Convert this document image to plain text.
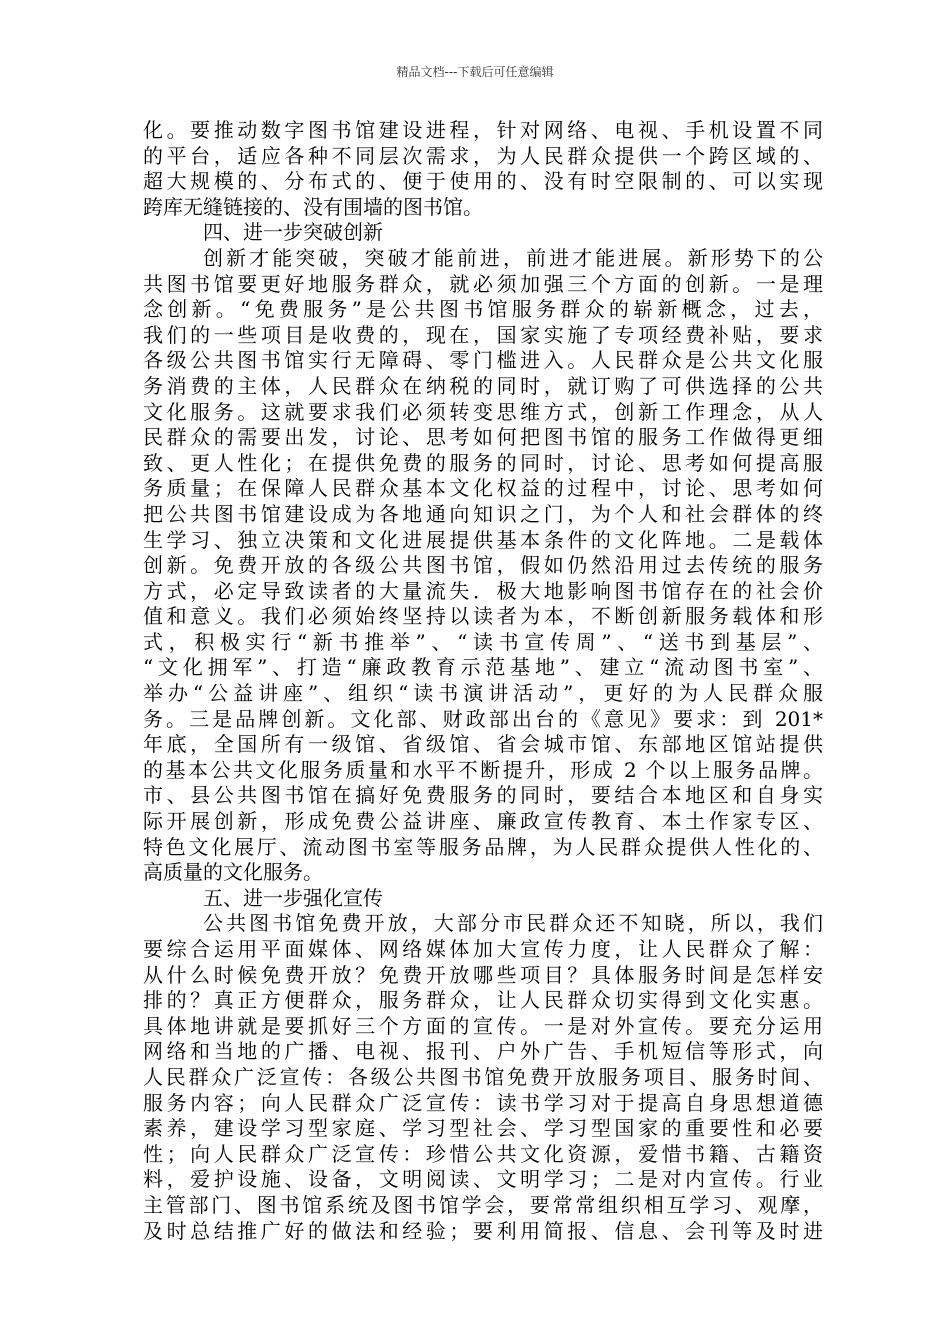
精品文档---下载后可任意编辑
化。要推动数字图书馆建设进程，针对网络、电视、手机设置不同
的平台，适应各种不同层次需求，为人民群众提供一个跨区域的、
超大规模的、分布式的、便于使用的、没有时空限制的、可以实现
跨库无缝链接的、没有围墙的图书馆。
四、进一步突破创新
创新才能突破，突破才能前进，前进才能进展。新形势下的公
共图书馆要更好地服务群众，就必须加强三个方面的创新。一是理
念创新。“免费服务”是公共图书馆服务群众的崭新概念，过去，
我们的一些项目是收费的，现在，国家实施了专项经费补贴，要求
各级公共图书馆实行无障碍、零门槛进入。人民群众是公共文化服
务消费的主体，人民群众在纳税的同时，就订购了可供选择的公共
文化服务。这就要求我们必须转变思维方式，创新工作理念，从人
民群众的需要出发，讨论、思考如何把图书馆的服务工作做得更细
致、更人性化；在提供免费的服务的同时，讨论、思考如何提高服
务质量；在保障人民群众基本文化权益的过程中，讨论、思考如何
把公共图书馆建设成为各地通向知识之门，为个人和社会群体的终
生学习、独立决策和文化进展提供基本条件的文化阵地。二是载体
创新。免费开放的各级公共图书馆，假如仍然沿用过去传统的服务
方式，必定导致读者的大量流失．极大地影响图书馆存在的社会价
值和意义。我们必须始终坚持以读者为本，不断创新服务载体和形
式，积极实行“新书推举”、“读书宣传周”、“送书到基层”、
“文化拥军”、打造“廉政教育示范基地”、建立“流动图书室”、
举办“公益讲座”、组织“读书演讲活动”，更好的为人民群众服
务。三是品牌创新。文化部、财政部出台的《意见》要求：到 201*
年底，全国所有一级馆、省级馆、省会城市馆、东部地区馆站提供
的基本公共文化服务质量和水平不断提升，形成 2 个以上服务品牌。
市、县公共图书馆在搞好免费服务的同时，要结合本地区和自身实
际开展创新，形成免费公益讲座、廉政宣传教育、本土作家专区、
特色文化展厅、流动图书室等服务品牌，为人民群众提供人性化的、
高质量的文化服务。
五、进一步强化宣传
公共图书馆免费开放，大部分市民群众还不知晓，所以，我们
要综合运用平面媒体、网络媒体加大宣传力度，让人民群众了解：
从什么时候免费开放？免费开放哪些项目？具体服务时间是怎样安
排的？真正方便群众，服务群众，让人民群众切实得到文化实惠。
具体地讲就是要抓好三个方面的宣传。一是对外宣传。要充分运用
网络和当地的广播、电视、报刊、户外广告、手机短信等形式，向
人民群众广泛宣传：各级公共图书馆免费开放服务项目、服务时间、
服务内容；向人民群众广泛宣传：读书学习对于提高自身思想道德
素养，建设学习型家庭、学习型社会、学习型国家的重要性和必要
性；向人民群众广泛宣传：珍惜公共文化资源，爱惜书籍、古籍资
料，爱护设施、设备，文明阅读、文明学习；二是对内宣传。行业
主管部门、图书馆系统及图书馆学会，要常常组织相互学习、观摩，
及时总结推广好的做法和经验；要利用简报、信息、会刊等及时进
